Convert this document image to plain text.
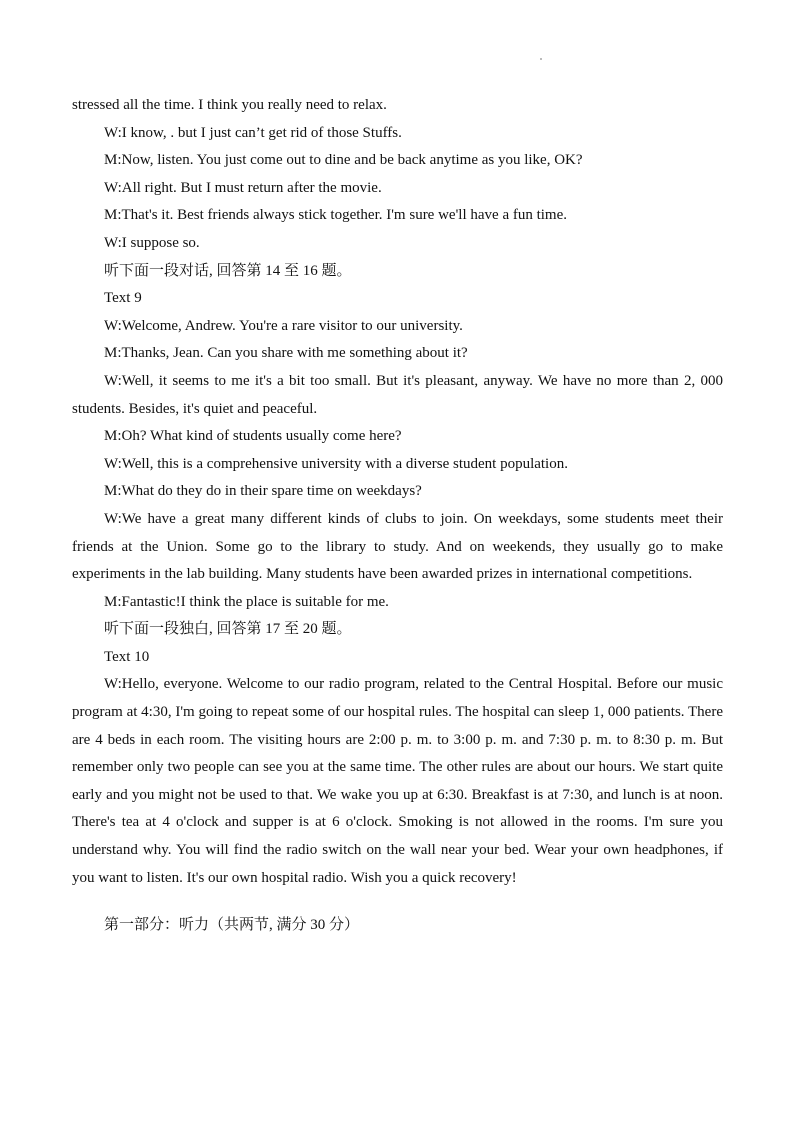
stressed all the time. I think you really need to relax.
W:I know, . but I just can’t get rid of those Stuffs.
M:Now, listen. You just come out to dine and be back anytime as you like, OK?
W:All right. But I must return after the movie.
M:That's it. Best friends always stick together. I'm sure we'll have a fun time.
W:I suppose so.
听下面一段对话, 回答第 14 至 16 题。
Text 9
W:Welcome, Andrew. You're a rare visitor to our university.
M:Thanks, Jean. Can you share with me something about it?

W:Well, it seems to me it's a bit too small. But it's pleasant, anyway. We have no more than 2, 000 students. Besides, it's quiet and peaceful.

M:Oh? What kind of students usually come here?
W:Well, this is a comprehensive university with a diverse student population.
M:What do they do in their spare time on weekdays?

W:We have a great many different kinds of clubs to join. On weekdays, some students meet their friends at the Union. Some go to the library to study. And on weekends, they usually go to make experiments in the lab building. Many students have been awarded prizes in international competitions.

M:Fantastic!I think the place is suitable for me.
听下面一段独白, 回答第 17 至 20 题。
Text 10

W:Hello, everyone. Welcome to our radio program, related to the Central Hospital. Before our music program at 4:30, I'm going to repeat some of our hospital rules. The hospital can sleep 1, 000 patients. There are 4 beds in each room. The visiting hours are 2:00 p. m. to 3:00 p. m. and 7:30 p. m. to 8:30 p. m. But remember only two people can see you at the same time. The other rules are about our hours. We start quite early and you might not be used to that. We wake you up at 6:30. Breakfast is at 7:30, and lunch is at noon. There's tea at 4 o'clock and supper is at 6 o'clock. Smoking is not allowed in the rooms. I'm sure you understand why. You will find the radio switch on the wall near your bed. Wear your own headphones, if you want to listen. It's our own hospital radio. Wish you a quick recovery!

第一部分：听力（共两节, 满分 30 分）
